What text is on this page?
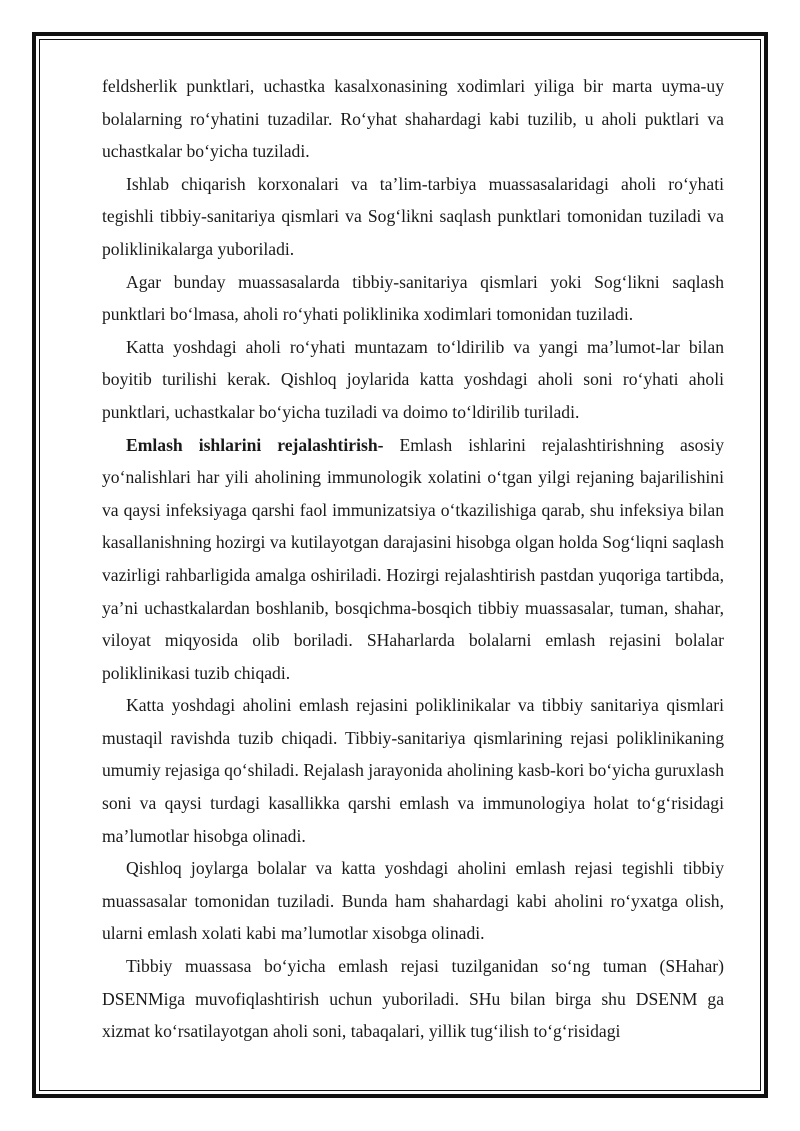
feldsherlik punktlari, uchastka kasalxonasining xodimlari yiliga bir marta uyma-uy bolalarning ro‘yhatini tuzadilar. Ro‘yhat shahardagi kabi tuzilib, u aholi puktlari va uchastkalar bo‘yicha tuziladi.

Ishlab chiqarish korxonalari va ta’lim-tarbiya muassasalaridagi aholi ro‘yhati tegishli tibbiy-sanitariya qismlari va Sog‘likni saqlash punktlari tomonidan tuziladi va poliklinikalarga yuboriladi.

Agar bunday muassasalarda tibbiy-sanitariya qismlari yoki Sog‘likni saqlash punktlari bo‘lmasa, aholi ro‘yhati poliklinika xodimlari tomonidan tuziladi.

Katta yoshdagi aholi ro‘yhati muntazam to‘ldirilib va yangi ma’lumot-lar bilan boyitib turilishi kerak. Qishloq joylarida katta yoshdagi aholi soni ro‘yhati aholi punktlari, uchastkalar bo‘yicha tuziladi va doimo to‘ldirilib turiladi.

Emlash ishlarini rejalashtirish- Emlash ishlarini rejalashtirishning asosiy yo‘nalishlari har yili aholining immunologik xolatini o‘tgan yilgi rejaning bajarilishini va qaysi infeksiyaga qarshi faol immunizatsiya o‘tkazilishiga qarab, shu infeksiya bilan kasallanishning hozirgi va kutilayotgan darajasini hisobga olgan holda Sog‘liqni saqlash vazirligi rahbarligida amalga oshiriladi. Hozirgi rejalashtirish pastdan yuqoriga tartibda, ya’ni uchastkalardan boshlanib, bosqichma-bosqich tibbiy muassasalar, tuman, shahar, viloyat miqyosida olib boriladi. SHaharlarda bolalarni emlash rejasini bolalar poliklinikasi tuzib chiqadi.

Katta yoshdagi aholini emlash rejasini poliklinikalar va tibbiy sanitariya qismlari mustaqil ravishda tuzib chiqadi. Tibbiy-sanitariya qismlarining rejasi poliklinikaning umumiy rejasiga qo‘shiladi. Rejalash jarayonida aholining kasb-kori bo‘yicha guruxlash soni va qaysi turdagi kasallikka qarshi emlash va immunologiya holat to‘g‘risidagi ma’lumotlar hisobga olinadi.

Qishloq joylarga bolalar va katta yoshdagi aholini emlash rejasi tegishli tibbiy muassasalar tomonidan tuziladi. Bunda ham shahardagi kabi aholini ro‘yxatga olish, ularni emlash xolati kabi ma’lumotlar xisobga olinadi.

Tibbiy muassasa bo‘yicha emlash rejasi tuzilganidan so‘ng tuman (SHahar) DSENMiga muvofiqlashtirish uchun yuboriladi. SHu bilan birga shu DSENM ga xizmat ko‘rsatilayotgan aholi soni, tabaqalari, yillik tug‘ilish to‘g‘risidagi
